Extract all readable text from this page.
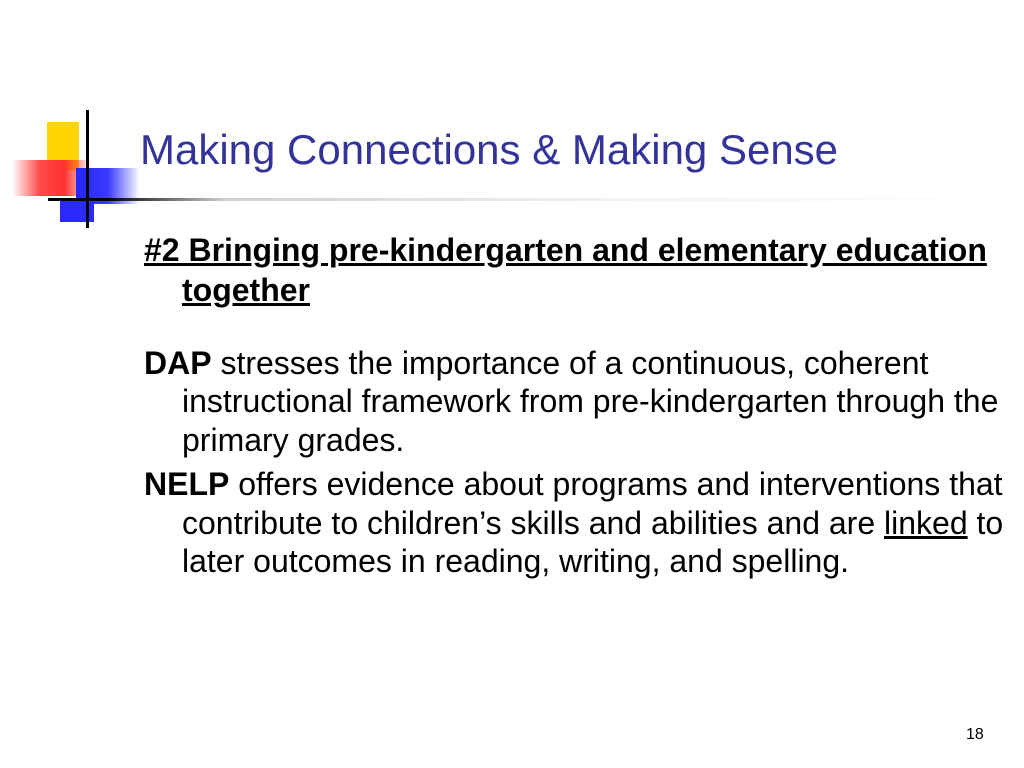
Making Connections & Making Sense
#2 Bringing pre-kindergarten and elementary education together
DAP stresses the importance of a continuous, coherent instructional framework from pre-kindergarten through the primary grades.
NELP offers evidence about programs and interventions that contribute to children’s skills and abilities and are linked to later outcomes in reading, writing, and spelling.
18
